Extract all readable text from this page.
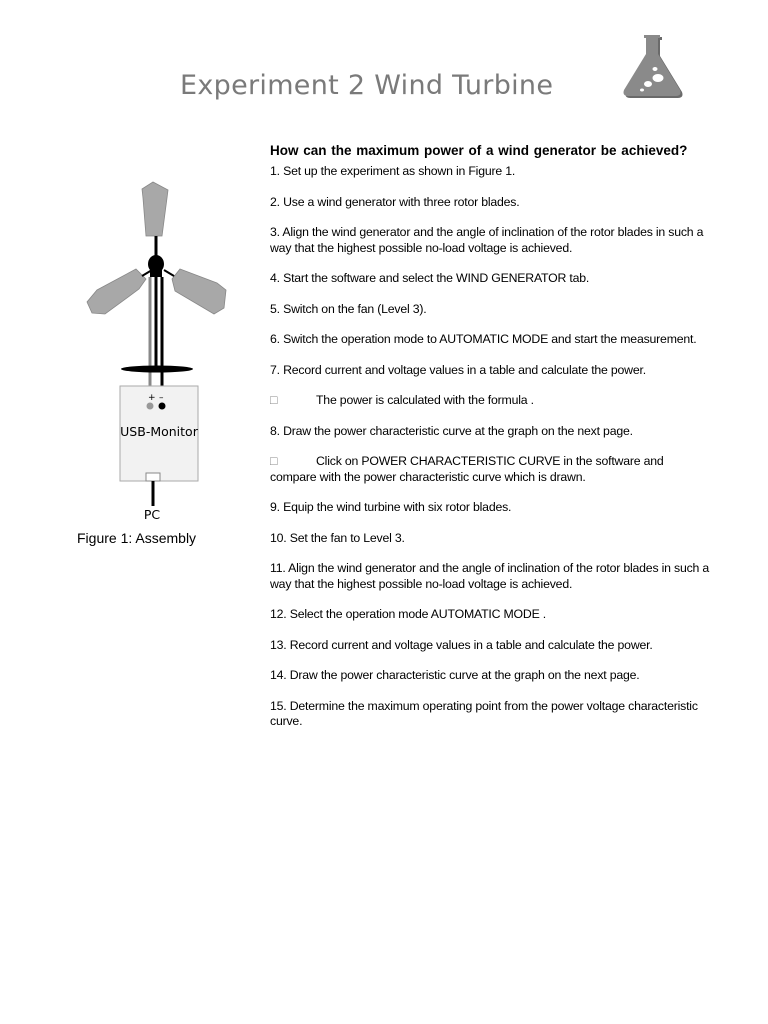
Experiment 2 Wind Turbine
+ –
USB-Monitor
PC
Figure 1: Assembly

How can the maximum power of a wind generator be achieved?

1. Set up the experiment as shown in Figure 1.

2. Use a wind generator with three rotor blades.

3. Align the wind generator and the angle of inclination of the rotor blades in such a way that the highest possible no-load voltage is achieved.

4. Start the software and select the WIND GENERATOR tab.

5. Switch on the fan (Level 3).

6. Switch the operation mode to AUTOMATIC MODE and start the measurement.

7. Record current and voltage values in a table and calculate the power.

□	The power is calculated with the formula .

8. Draw the power characteristic curve at the graph on the next page.

□	Click on POWER CHARACTERISTIC CURVE in the software and compare with the power characteristic curve which is drawn.

9. Equip the wind turbine with six rotor blades.

10. Set the fan to Level 3.

11. Align the wind generator and the angle of inclination of the rotor blades in such a way that the highest possible no-load voltage is achieved.

12. Select the operation mode AUTOMATIC MODE .

13. Record current and voltage values in a table and calculate the power.

14. Draw the power characteristic curve at the graph on the next page.

15. Determine the maximum operating point from the power voltage characteristic curve.
